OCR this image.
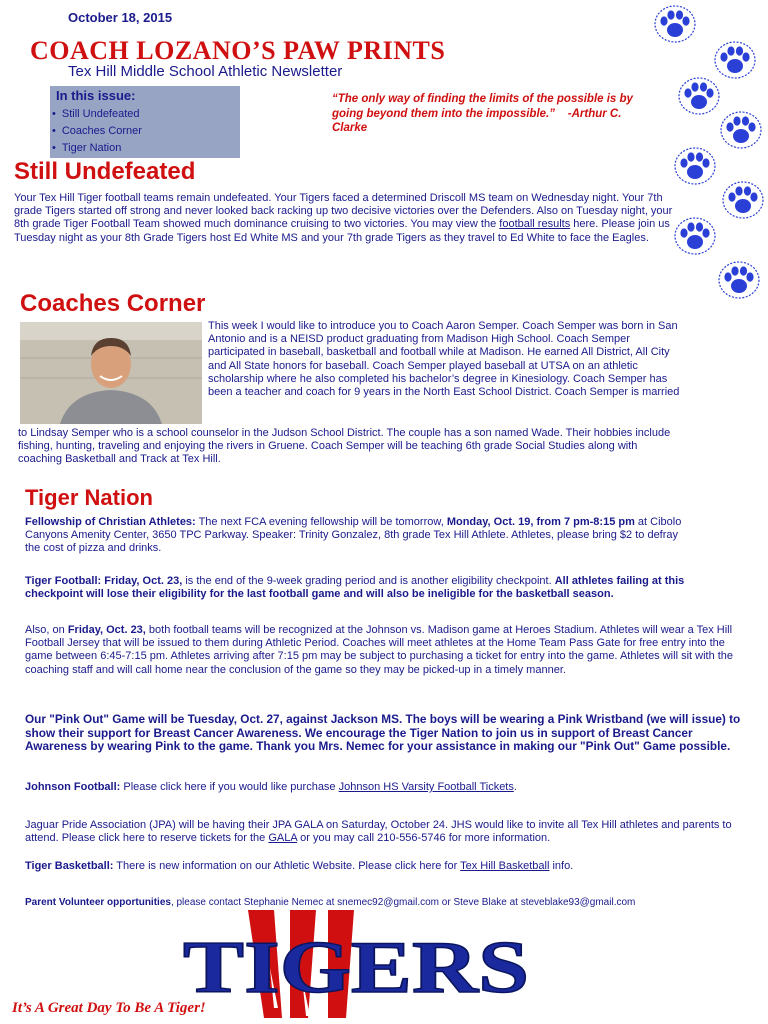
October 18, 2015
COACH LOZANO’S PAW PRINTS
Tex Hill Middle School Athletic Newsletter
In this issue:
• Still Undefeated
• Coaches Corner
• Tiger Nation
“The only way of finding the limits of the possible is by going beyond them into the impossible.” -Arthur C. Clarke
Still Undefeated
Your Tex Hill Tiger football teams remain undefeated. Your Tigers faced a determined Driscoll MS team on Wednesday night. Your 7th grade Tigers started off strong and never looked back racking up two decisive victories over the Defenders. Also on Tuesday night, your 8th grade Tiger Football Team showed much dominance cruising to two victories. You may view the football results here. Please join us Tuesday night as your 8th Grade Tigers host Ed White MS and your 7th grade Tigers as they travel to Ed White to face the Eagles.
Coaches Corner
This week I would like to introduce you to Coach Aaron Semper. Coach Semper was born in San Antonio and is a NEISD product graduating from Madison High School. Coach Semper participated in baseball, basketball and football while at Madison. He earned All District, All City and All State honors for baseball. Coach Semper played baseball at UTSA on an athletic scholarship where he also completed his bachelor’s degree in Kinesiology. Coach Semper has been a teacher and coach for 9 years in the North East School District. Coach Semper is married
to Lindsay Semper who is a school counselor in the Judson School District. The couple has a son named Wade. Their hobbies include fishing, hunting, traveling and enjoying the rivers in Gruene. Coach Semper will be teaching 6th grade Social Studies along with coaching Basketball and Track at Tex Hill.
Tiger Nation
Fellowship of Christian Athletes: The next FCA evening fellowship will be tomorrow, Monday, Oct. 19, from 7 pm-8:15 pm at Cibolo Canyons Amenity Center, 3650 TPC Parkway. Speaker: Trinity Gonzalez, 8th grade Tex Hill Athlete. Athletes, please bring $2 to defray the cost of pizza and drinks.
Tiger Football: Friday, Oct. 23, is the end of the 9-week grading period and is another eligibility checkpoint. All athletes failing at this checkpoint will lose their eligibility for the last football game and will also be ineligible for the basketball season.
Also, on Friday, Oct. 23, both football teams will be recognized at the Johnson vs. Madison game at Heroes Stadium. Athletes will wear a Tex Hill Football Jersey that will be issued to them during Athletic Period. Coaches will meet athletes at the Home Team Pass Gate for free entry into the game between 6:45-7:15 pm. Athletes arriving after 7:15 pm may be subject to purchasing a ticket for entry into the game. Athletes will sit with the coaching staff and will call home near the conclusion of the game so they may be picked-up in a timely manner.
Our "Pink Out" Game will be Tuesday, Oct. 27, against Jackson MS. The boys will be wearing a Pink Wristband (we will issue) to show their support for Breast Cancer Awareness. We encourage the Tiger Nation to join us in support of Breast Cancer Awareness by wearing Pink to the game. Thank you Mrs. Nemec for your assistance in making our "Pink Out" Game possible.
Johnson Football: Please click here if you would like purchase Johnson HS Varsity Football Tickets.
Jaguar Pride Association (JPA) will be having their JPA GALA on Saturday, October 24. JHS would like to invite all Tex Hill athletes and parents to attend. Please click here to reserve tickets for the GALA or you may call 210-556-5746 for more information.
Tiger Basketball: There is new information on our Athletic Website. Please click here for Tex Hill Basketball info.
Parent Volunteer opportunities, please contact Stephanie Nemec at snemec92@gmail.com or Steve Blake at steveblake93@gmail.com
TIGERS
It’s A Great Day To Be A Tiger!
